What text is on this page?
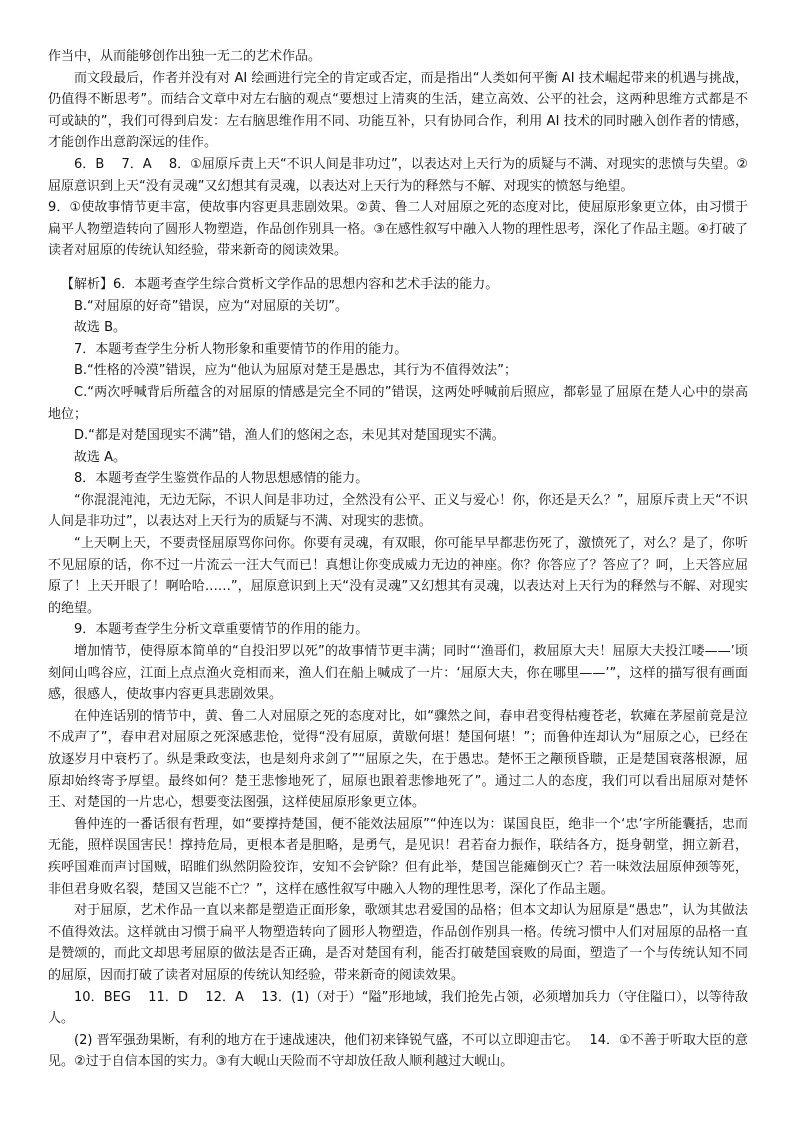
作当中，从而能够创作出独一无二的艺术作品。

而文段最后，作者并没有对 AI 绘画进行完全的肯定或否定，而是指出“人类如何平衡 AI 技术崛起带来的机遇与挑战，仍值得不断思考”。而结合文章中对左右脑的观点“要想过上清爽的生活，建立高效、公平的社会，这两种思维方式都是不可或缺的”，我们可得到启发：左右脑思维作用不同、功能互补，只有协同合作，利用 AI 技术的同时融入创作者的情感，才能创作出意韵深远的佳作。

6．B　 7．A　 8．①屈原斥责上天“不识人间是非功过”，以表达对上天行为的质疑与不满、对现实的悲愤与失望。②屈原意识到上天“没有灵魂”又幻想其有灵魂，以表达对上天行为的释然与不解、对现实的愤怒与绝望。

9．①使故事情节更丰富，使故事内容更具悲剧效果。②黄、鲁二人对屈原之死的态度对比，使屈原形象更立体，由习惯于扁平人物塑造转向了圆形人物塑造，作品创作别具一格。③在感性叙写中融入人物的理性思考，深化了作品主题。④打破了读者对屈原的传统认知经验，带来新奇的阅读效果。

【解析】6．本题考查学生综合赏析文学作品的思想内容和艺术手法的能力。

B.“对屈原的好奇”错误，应为“对屈原的关切”。

故选 B。

7．本题考查学生分析人物形象和重要情节的作用的能力。

B.“性格的冷漠”错误，应为“他认为屈原对楚王是愚忠，其行为不值得效法”；

C.“两次呼喊背后所蕴含的对屈原的情感是完全不同的”错误，这两处呼喊前后照应，都彰显了屈原在楚人心中的崇高地位；

D.“都是对楚国现实不满”错，渔人们的悠闲之态，未见其对楚国现实不满。

故选 A。

8．本题考查学生鉴赏作品的人物思想感情的能力。

“你混混沌沌，无边无际，不识人间是非功过，全然没有公平、正义与爱心！你，你还是天么？”，屈原斥责上天“不识人间是非功过”，以表达对上天行为的质疑与不满、对现实的悲愤。

“上天啊上天，不要责怪屈原骂你问你。你要有灵魂，有双眼，你可能早早都悲伤死了，激愤死了，对么？是了，你听不见屈原的话，你不过一片流云一汪大气而已！真想让你变成威力无边的神座。你？你答应了？答应了？呵，上天答应屈原了！上天开眼了！啊哈哈……”，屈原意识到上天“没有灵魂”又幻想其有灵魂，以表达对上天行为的释然与不解、对现实的绝望。

9．本题考查学生分析文章重要情节的作用的能力。

增加情节，使得原本简单的“自投汨罗以死”的故事情节更丰满；同时“‘渔哥们，救屈原大夫！屈原大夫投江喽——’顷刻间山鸣谷应，江面上点点渔火竞相而来，渔人们在船上喊成了一片：‘屈原大夫，你在哪里——’”，这样的描写很有画面感，很感人，使故事内容更具悲剧效果。

在仲连话别的情节中，黄、鲁二人对屈原之死的态度对比，如“骤然之间，春申君变得枯瘦苍老，软瘫在茅屋前竟是泣不成声了”，春申君对屈原之死深感悲怆，觉得“没有屈原，黄歇何堪！楚国何堪！”；而鲁仲连却认为“屈原之心，已经在放逐岁月中衰朽了。纵是秉政变法，也是刻舟求剑了”“屈原之失，在于愚忠。楚怀王之颟顸昏聩，正是楚国衰落根源，屈原却始终寄予厚望。最终如何？楚王悲惨地死了，屈原也跟着悲惨地死了”。通过二人的态度，我们可以看出屈原对楚怀王、对楚国的一片忠心，想要变法图强，这样使屈原形象更立体。

鲁仲连的一番话很有哲理，如“要撑持楚国，便不能效法屈原”“仲连以为：谋国良臣，绝非一个‘忠’字所能囊括，忠而无能，照样误国害民！撑持危局，更根本者是胆略，是勇气，是见识！君若奋力振作，联结各方，挺身朝堂，拥立新君，疾呼国难而声讨国贼，昭睢们纵然阴险狡诈，安知不会铲除？但有此举，楚国岂能瘫倒灭亡？若一味效法屈原伸颈等死，非但君身败名裂，楚国又岂能不亡？”，这样在感性叙写中融入人物的理性思考，深化了作品主题。

对于屈原，艺术作品一直以来都是塑造正面形象，歌颂其忠君爱国的品格；但本文却认为屈原是“愚忠”，认为其做法不值得效法。这样就由习惯于扁平人物塑造转向了圆形人物塑造，作品创作别具一格。传统习惯中人们对屈原的品格一直是赞颂的，而此文却思考屈原的做法是否正确，是否对楚国有利，能否打破楚国衰败的局面，塑造了一个与传统认知不同的屈原，因而打破了读者对屈原的传统认知经验，带来新奇的阅读效果。

10．BEG　 11．D　 12．A　 13．(1)（对于）“隘”形地域，我们抢先占领，必须增加兵力（守住隘口），以等待敌人。

(2) 晋军强劲果断，有利的地方在于速战速决，他们初来锋锐气盛，不可以立即迎击它。　 14．①不善于听取大臣的意见。②过于自信本国的实力。③有大岘山天险而不守却放任敌人顺利越过大岘山。
